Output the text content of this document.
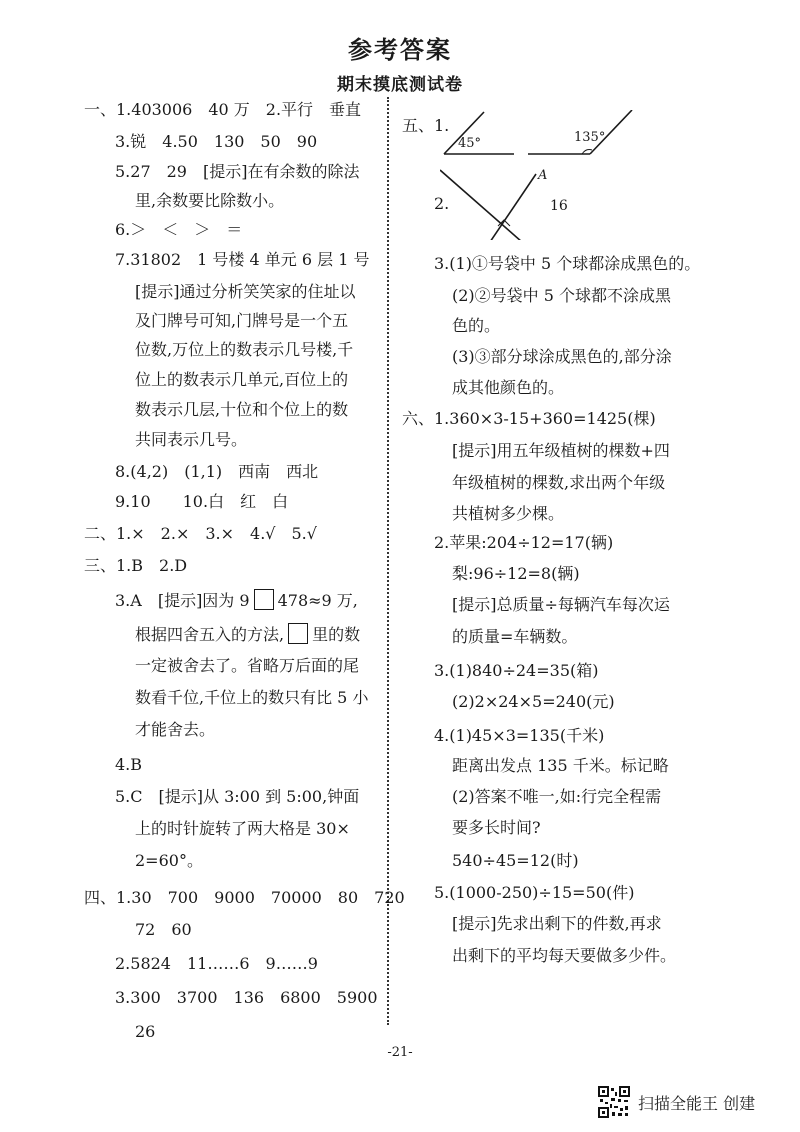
参考答案
期末摸底测试卷
一、1.403006　40 万　2.平行　垂直
3.锐　4.50　130　50　90
5.27　29　[提示]在有余数的除法
里,余数要比除数小。
6.＞　＜　＞　＝
7.31802　1 号楼 4 单元 6 层 1 号
[提示]通过分析笑笑家的住址以
及门牌号可知,门牌号是一个五
位数,万位上的数表示几号楼,千
位上的数表示几单元,百位上的
数表示几层,十位和个位上的数
共同表示几号。
8.(4,2)　(1,1)　西南　西北
9.10　　10.白　红　白
二、1.×　2.×　3.×　4.√　5.√
三、1.B　2.D
3.A　[提示]因为 9 478≈9 万,
根据四舍五入的方法, 里的数
一定被舍去了。省略万后面的尾
数看千位,千位上的数只有比 5 小
才能舍去。
4.B
5.C　[提示]从 3:00 到 5:00,钟面
上的时针旋转了两大格是 30×
2=60°。
四、1.30　700　9000　70000　80　720
72　60
2.5824　11……6　9……9
3.300　3700　136　6800　5900
26
五、1.
2.
3.(1)①号袋中 5 个球都涂成黑色的。
(2)②号袋中 5 个球都不涂成黑
色的。
(3)③部分球涂成黑色的,部分涂
成其他颜色的。
六、1.360×3-15+360=1425(棵)
[提示]用五年级植树的棵数+四
年级植树的棵数,求出两个年级
共植树多少棵。
2.苹果:204÷12=17(辆)
梨:96÷12=8(辆)
[提示]总质量÷每辆汽车每次运
的质量=车辆数。
3.(1)840÷24=35(箱)
(2)2×24×5=240(元)
4.(1)45×3=135(千米)
距离出发点 135 千米。标记略
(2)答案不唯一,如:行完全程需
要多长时间?
540÷45=12(时)
5.(1000-250)÷15=50(件)
[提示]先求出剩下的件数,再求
出剩下的平均每天要做多少件。
45°	135°
A
16
-21-
扫描全能王 创建
